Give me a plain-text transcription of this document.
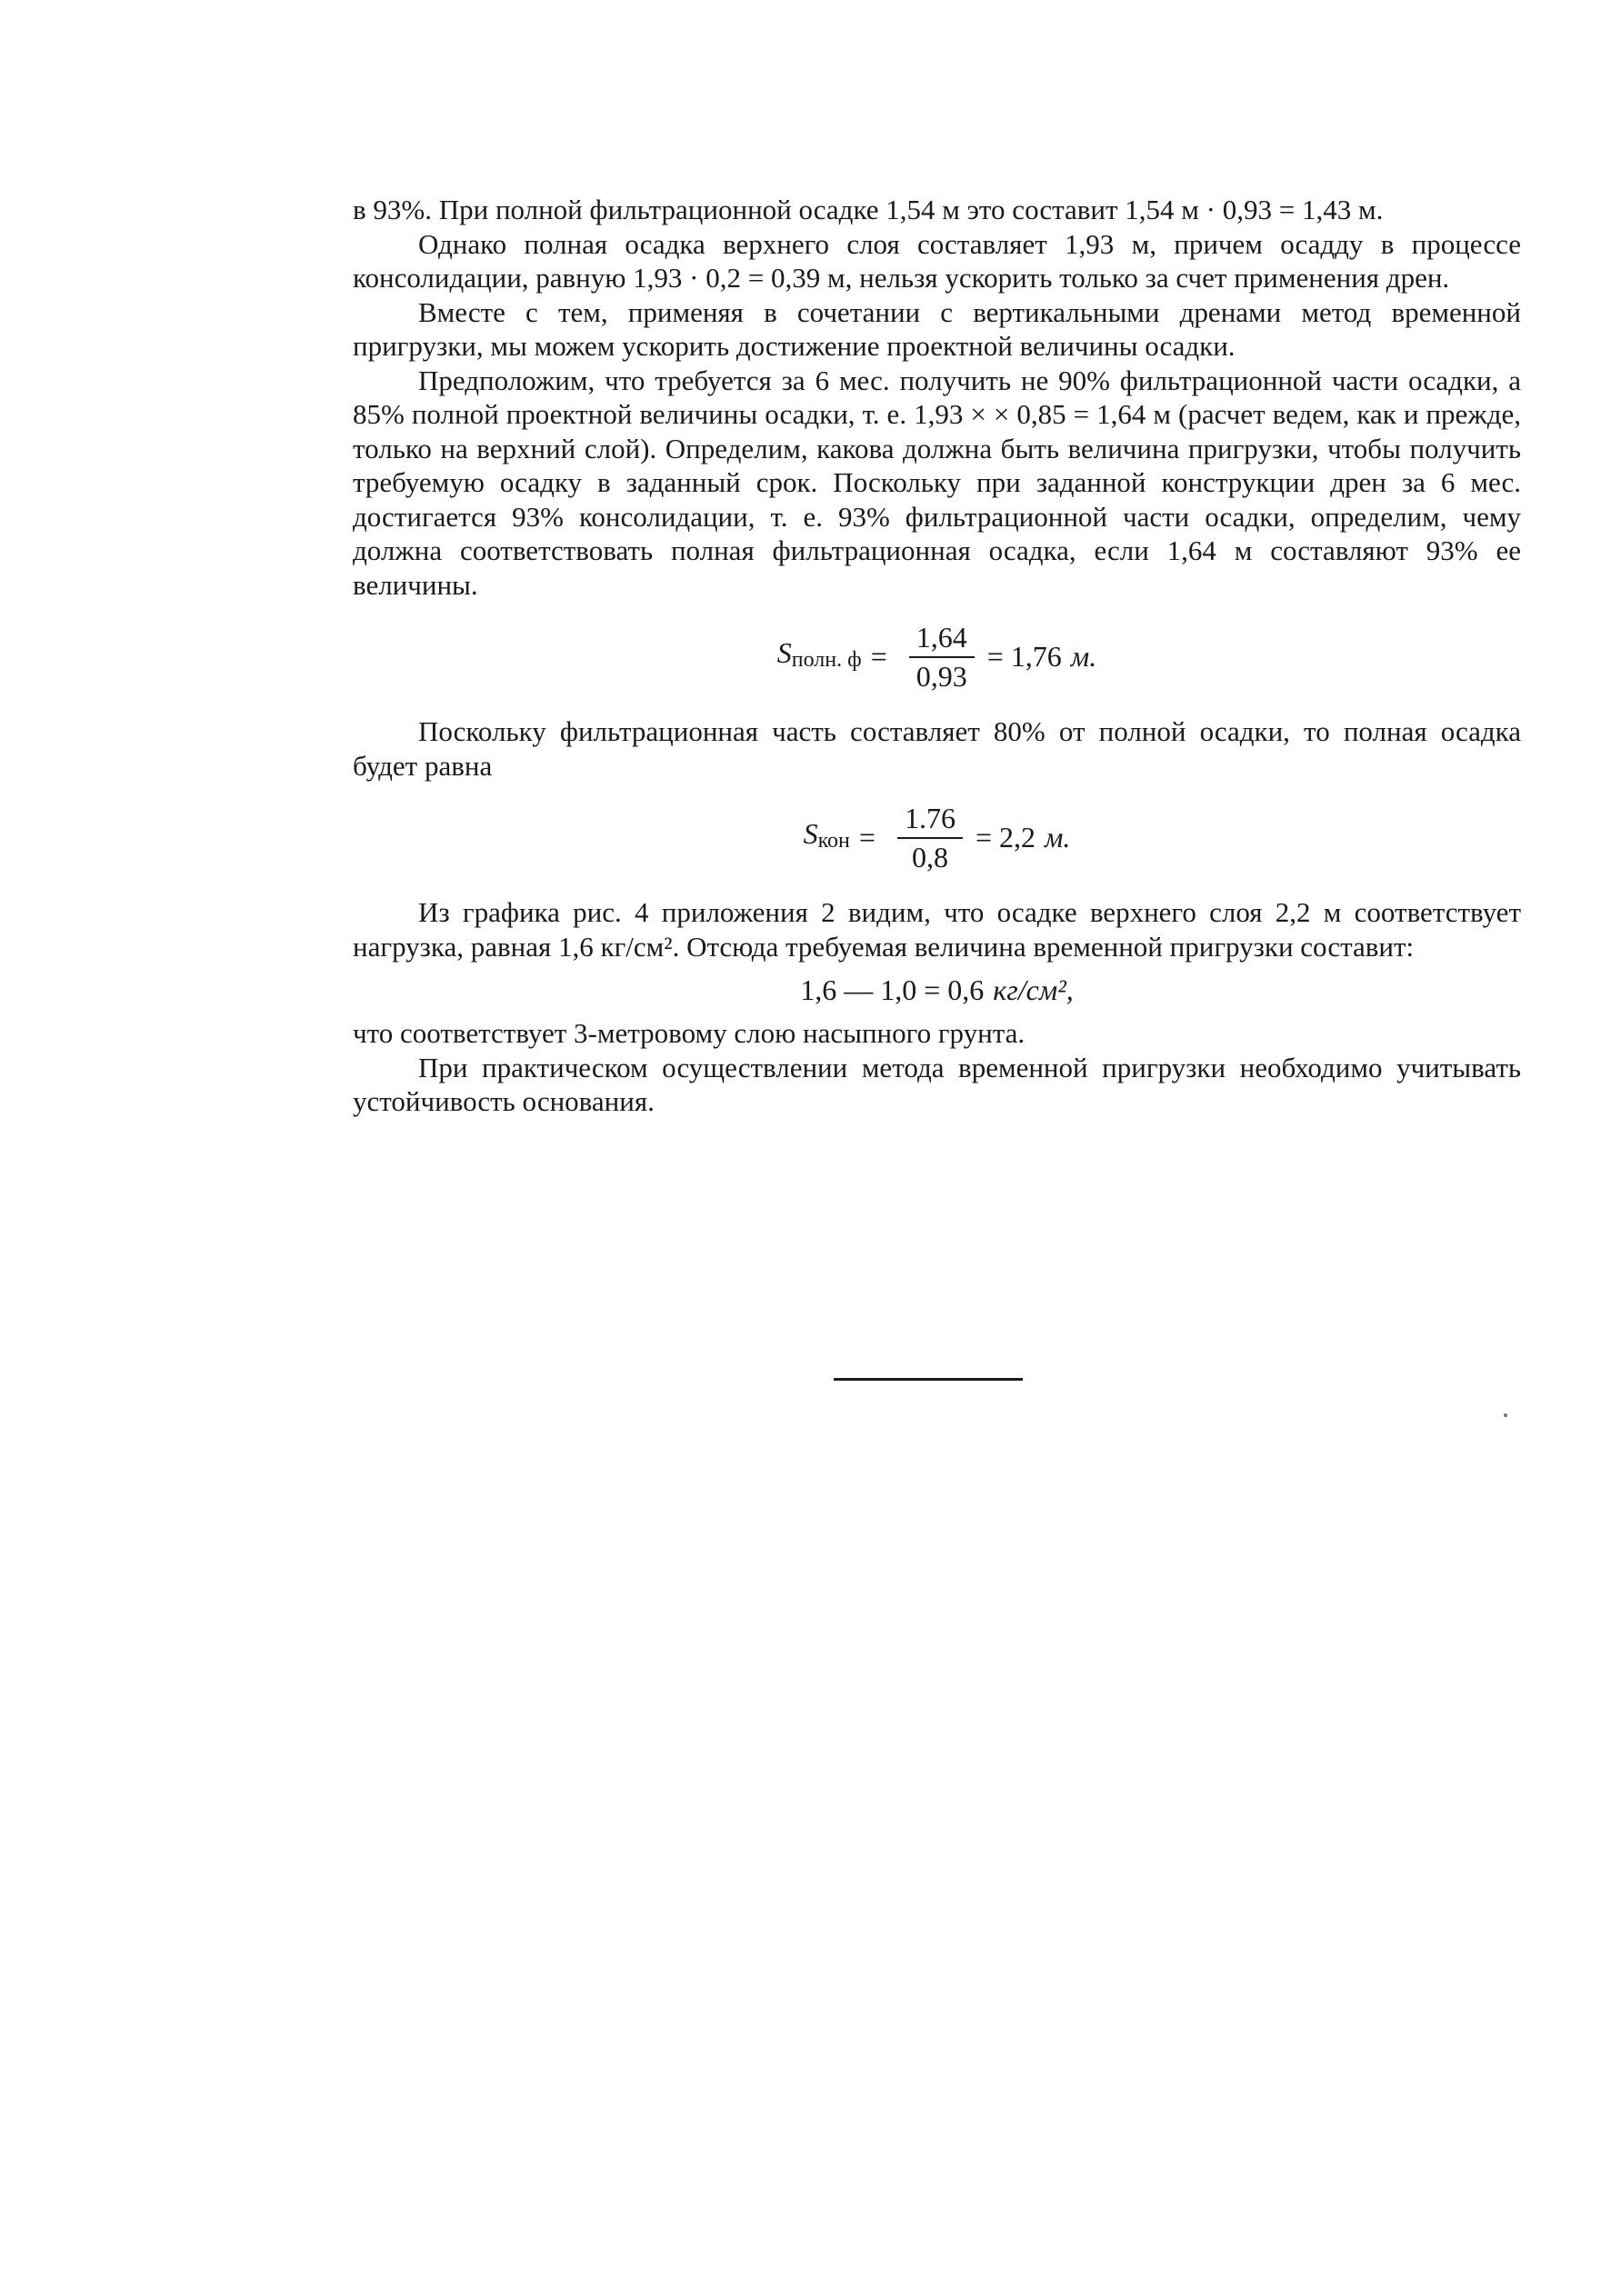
в 93%. При полной фильтрационной осадке 1,54 м это составит 1,54 м · 0,93 = 1,43 м.

Однако полная осадка верхнего слоя составляет 1,93 м, причем осадду в процессе консолидации, равную 1,93 · 0,2 = 0,39 м, нельзя ускорить только за счет применения дрен.

Вместе с тем, применяя в сочетании с вертикальными дренами метод временной пригрузки, мы можем ускорить достижение проектной величины осадки.

Предположим, что требуется за 6 мес. получить не 90% фильтрационной части осадки, а 85% полной проектной величины осадки, т. е. 1,93 × × 0,85 = 1,64 м (расчет ведем, как и прежде, только на верхний слой). Определим, какова должна быть величина пригрузки, чтобы получить требуемую осадку в заданный срок. Поскольку при заданной конструкции дрен за 6 мес. достигается 93% консолидации, т. е. 93% фильтрационной части осадки, определим, чему должна соответствовать полная фильтрационная осадка, если 1,64 м составляют 93% ее величины.

$S_{полн. ф} = \frac{1,64}{0,93} = 1,76$ м.

Поскольку фильтрационная часть составляет 80% от полной осадки, то полная осадка будет равна

$S_{кон} = \frac{1.76}{0,8} = 2,2$ м.

Из графика рис. 4 приложения 2 видим, что осадке верхнего слоя 2,2 м соответствует нагрузка, равная 1,6 кг/см². Отсюда требуемая величина временной пригрузки составит:

1,6 — 1,0 = 0,6 кг/см²,

что соответствует 3-метровому слою насыпного грунта.

При практическом осуществлении метода временной пригрузки необходимо учитывать устойчивость основания.
